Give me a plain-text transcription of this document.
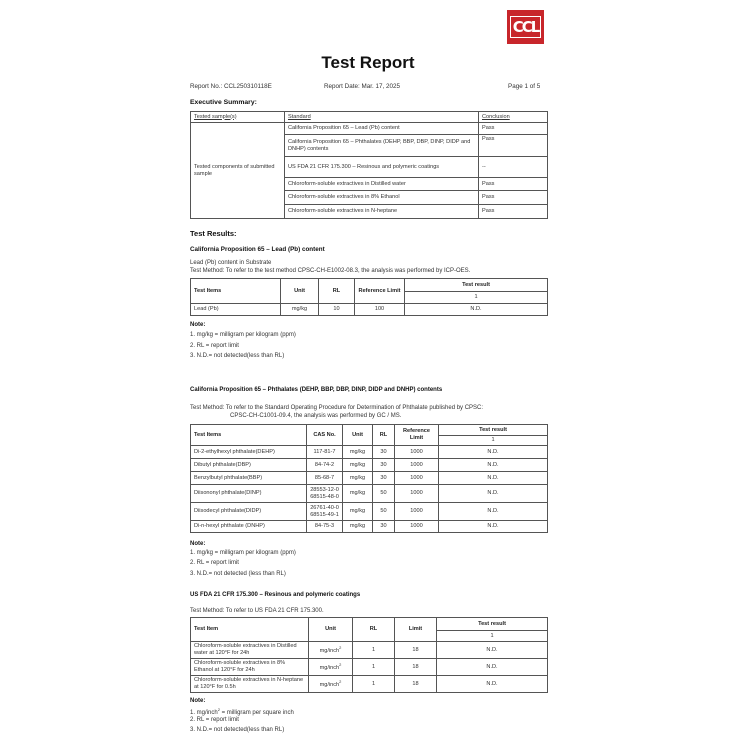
CCL
Test Report
Report No.: CCL250310118E	Report Date: Mar. 17, 2025	Page 1 of 5
Executive Summary:
Tested sample(s)	Standard	Conclusion
Tested components of submitted sample	California Proposition 65 – Lead (Pb) content	Pass
	California Proposition 65 – Phthalates (DEHP, BBP, DBP, DINP, DIDP and DNHP) contents	Pass
	US FDA 21 CFR 175.300 – Resinous and polymeric coatings	--
	Chloroform-soluble extractives in Distilled water	Pass
	Chloroform-soluble extractives in 8% Ethanol	Pass
	Chloroform-soluble extractives in N-heptane	Pass
Test Results:
California Proposition 65 – Lead (Pb) content
Lead (Pb) content in Substrate
Test Method: To refer to the test method CPSC-CH-E1002-08.3, the analysis was performed by ICP-OES.
Test Items	Unit	RL	Reference Limit	Test result
				1
Lead (Pb)	mg/kg	10	100	N.D.
Note:
1. mg/kg = milligram per kilogram (ppm)
2. RL = report limit
3. N.D.= not detected(less than RL)
California Proposition 65 – Phthalates (DEHP, BBP, DBP, DINP, DIDP and DNHP) contents
Test Method: To refer to the Standard Operating Procedure for Determination of Phthalate published by CPSC:
CPSC-CH-C1001-09.4, the analysis was performed by GC / MS.
Test Items	CAS No.	Unit	RL	Reference Limit	Test result
					1
Di-2-ethylhexyl phthalate(DEHP)	117-81-7	mg/kg	30	1000	N.D.
Dibutyl phthalate(DBP)	84-74-2	mg/kg	30	1000	N.D.
Benzylbutyl phthalate(BBP)	85-68-7	mg/kg	30	1000	N.D.
Diisononyl phthalate(DINP)	28553-12-0 68515-48-0	mg/kg	50	1000	N.D.
Diisodecyl phthalate(DIDP)	26761-40-0 68515-49-1	mg/kg	50	1000	N.D.
Di-n-hexyl phthalate (DNHP)	84-75-3	mg/kg	30	1000	N.D.
Note:
1. mg/kg = milligram per kilogram (ppm)
2. RL = report limit
3. N.D.= not detected (less than RL)
US FDA 21 CFR 175.300 – Resinous and polymeric coatings
Test Method: To refer to US FDA 21 CFR 175.300.
Test Item	Unit	RL	Limit	Test result
				1
Chloroform-soluble extractives in Distilled water at 120°F for 24h	mg/inch$^2$	1	18	N.D.
Chloroform-soluble extractives in 8% Ethanol at 120°F for 24h	mg/inch$^2$	1	18	N.D.
Chloroform-soluble extractives in N-heptane at 120°F for 0.5h	mg/inch$^2$	1	18	N.D.
Note:
1. mg/inch$^2$ = milligram per square inch
2. RL = report limit
3. N.D.= not detected(less than RL)
